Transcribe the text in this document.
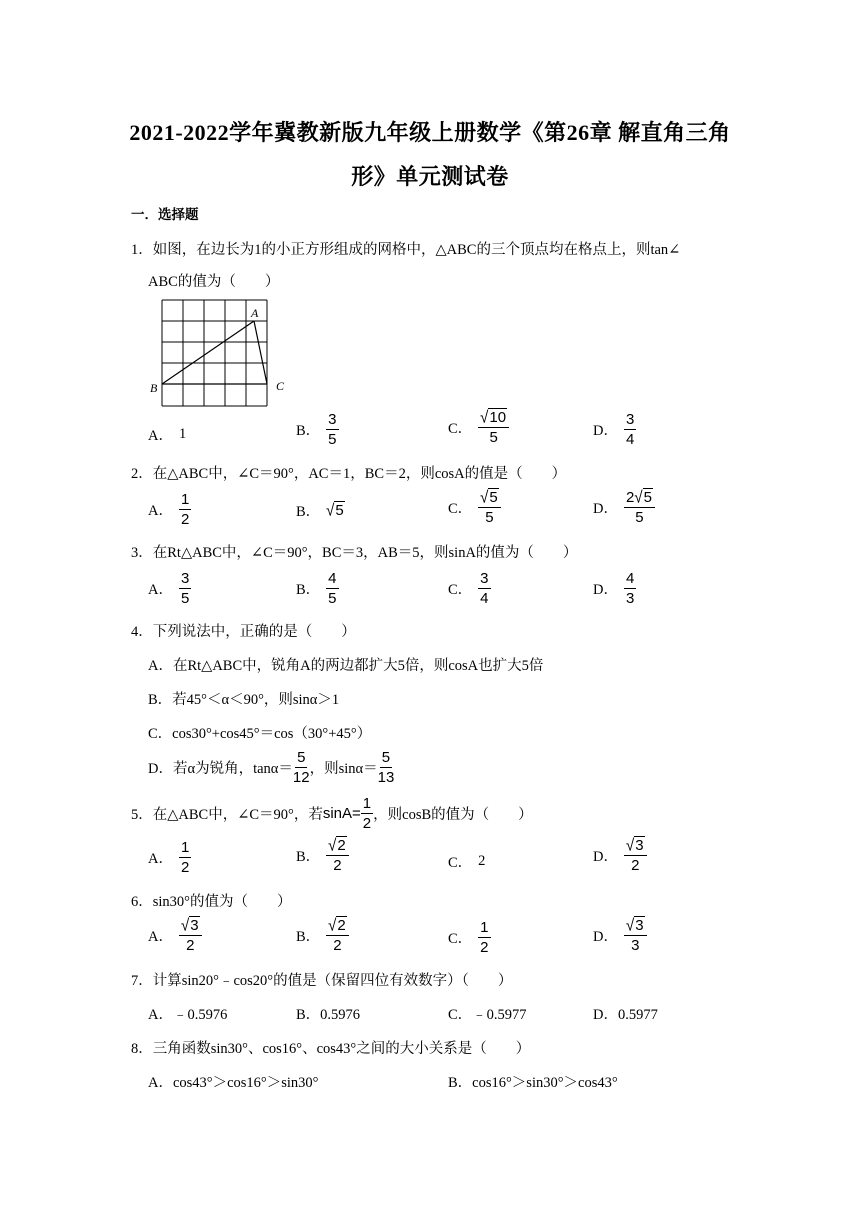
2021-2022学年冀教新版九年级上册数学《第26章 解直角三角
形》单元测试卷
一．选择题
1．如图，在边长为1的小正方形组成的网格中，△ABC的三个顶点均在格点上，则tan∠
ABC的值为（　　）
A
B	C
A． 1	B．
3
5
C．
√10
5	D．
3
4
2．在△ABC中，∠C＝90°，AC＝1，BC＝2，则cosA的值是（　　）
A．
1
2	B． √5	C．
√5
5	D．
2√5
5
3．在Rt△ABC中，∠C＝90°，BC＝3，AB＝5，则sinA的值为（　　）
A．
3
5	B．
4
5	C．
3
4	D．
4
3
4．下列说法中，正确的是（　　）
A．在Rt△ABC中，锐角A的两边都扩大5倍，则cosA也扩大5倍
B．若45°＜α＜90°，则sinα＞1
C．cos30°+cos45°＝cos（30°+45°）
D．若α为锐角，tanα＝
5
12 ，则sinα＝
5
13
5．在△ABC中，∠C＝90°，若 $\sin A= \frac{1}{2}$ ，则cosB的值为（　　）
A．
1
2
B．
√2
2	C． 2	D．
√3
2
6．sin30°的值为（　　）
A．
√3
2	B．
√2
2	C．
1
2
D．
√3
3
7．计算sin20°﹣cos20°的值是（保留四位有效数字）（　　）
A．﹣0.5976	B．0.5976	C．﹣0.5977	D．0.5977
8．三角函数sin30°、cos16°、cos43°之间的大小关系是（　　）
A．cos43°＞cos16°＞sin30°	B．cos16°＞sin30°＞cos43°
